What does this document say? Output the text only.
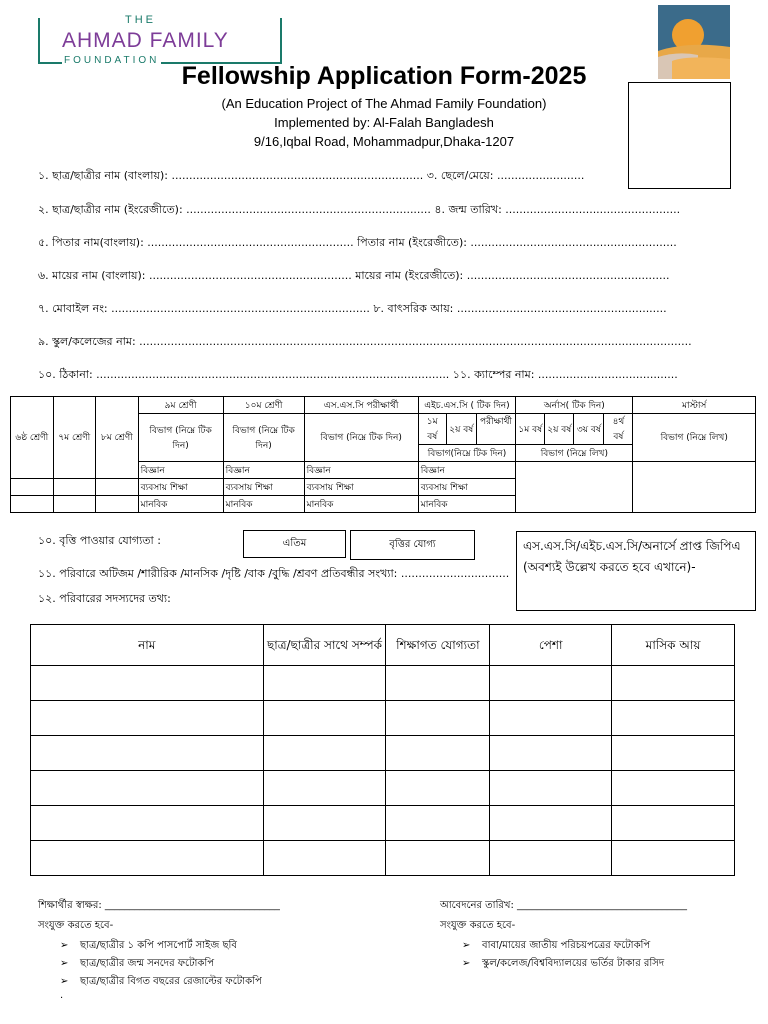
THE
AHMAD FAMILY
FOUNDATION
Fellowship Application Form-2025
(An Education Project of The Ahmad Family Foundation)
Implemented by: Al-Falah Bangladesh
9/16,Iqbal Road, Mohammadpur,Dhaka-1207
১. ছাত্র/ছাত্রীর নাম (বাংলায়): ........................................................................ ৩. ছেলে/মেয়ে: .........................
২. ছাত্র/ছাত্রীর নাম (ইংরেজীতে): ...................................................................... ৪. জন্ম তারিখ: ..................................................
৫. পিতার নাম(বাংলায়): ........................................................... পিতার নাম (ইংরেজীতে): ...........................................................
৬. মায়ের নাম (বাংলায়): .......................................................... মায়ের নাম (ইংরেজীতে): ..........................................................
৭. মোবাইল নং: .......................................................................... ৮. বাৎসরিক আয়: ............................................................
৯. স্কুল/কলেজের নাম: ..............................................................................................................................................................
১০. ঠিকানা: ..................................................................................................... ১১. ক্যাম্পের নাম: ........................................
৬ষ্ঠ শ্রেণী	৭ম শ্রেণী	৮ম শ্রেণী	৯ম শ্রেণী	১০ম শ্রেণী	এস.এস.সি পরীক্ষার্থী	এইচ.এস.সি ( টিক দিন)			অর্নাস( টিক দিন)				মাস্টার্স
			বিভাগ (নিম্নে টিক দিন)	বিভাগ (নিম্নে টিক দিন)	বিভাগ (নিম্নে টিক দিন)	১ম বর্ষ	২য় বর্ষ	পরীক্ষার্থী	১ম বর্ষ	২য় বর্ষ	৩য় বর্ষ	৪র্থ বর্ষ	বিভাগ (নিম্নে লিখ)
						বিভাগ(নিম্নে টিক দিন)			বিভাগ (নিম্নে লিখ)				
			বিজ্ঞান	বিজ্ঞান	বিজ্ঞান	বিজ্ঞান							
			ব্যবসায় শিক্ষা	ব্যবসায় শিক্ষা	ব্যবসায় শিক্ষা	ব্যবসায় শিক্ষা							
			মানবিক	মানবিক	মানবিক	মানবিক							
১০. বৃত্তি পাওয়ার যোগ্যতা :	এতিম	বৃত্তির যোগ্য	এস.এস.সি/এইচ.এস.সি/অনার্সে প্রাপ্ত জিপিএ (অবশ্যই উল্লেখ করতে হবে এখানে)-
১১. পরিবারে অটিজম /শারীরিক /মানসিক /দৃষ্টি /বাক /বুদ্ধি /শ্রবণ প্রতিবন্ধীর সংখ্যা: ...............................
১২. পরিবারের সদস্যদের তথ্য:
নাম	ছাত্র/ছাত্রীর সাথে সম্পর্ক	শিক্ষাগত যোগ্যতা	পেশা	মাসিক আয়

শিক্ষার্থীর স্বাক্ষর: ___________________________________	আবেদনের তারিখ: __________________________________
সংযুক্ত করতে হবে-	সংযুক্ত করতে হবে-
➢ ছাত্র/ছাত্রীর ১ কপি পাসপোর্ট সাইজ ছবি
➢ ছাত্র/ছাত্রীর জন্ম সনদের ফটোকপি
➢ ছাত্র/ছাত্রীর বিগত বছরের রেজাল্টের ফটোকপি
.
➢ বাবা/মায়ের জাতীয় পরিচয়পত্রের ফটোকপি
➢ স্কুল/কলেজ/বিশ্ববিদ্যালয়ের ভর্তির টাকার রসিদ
